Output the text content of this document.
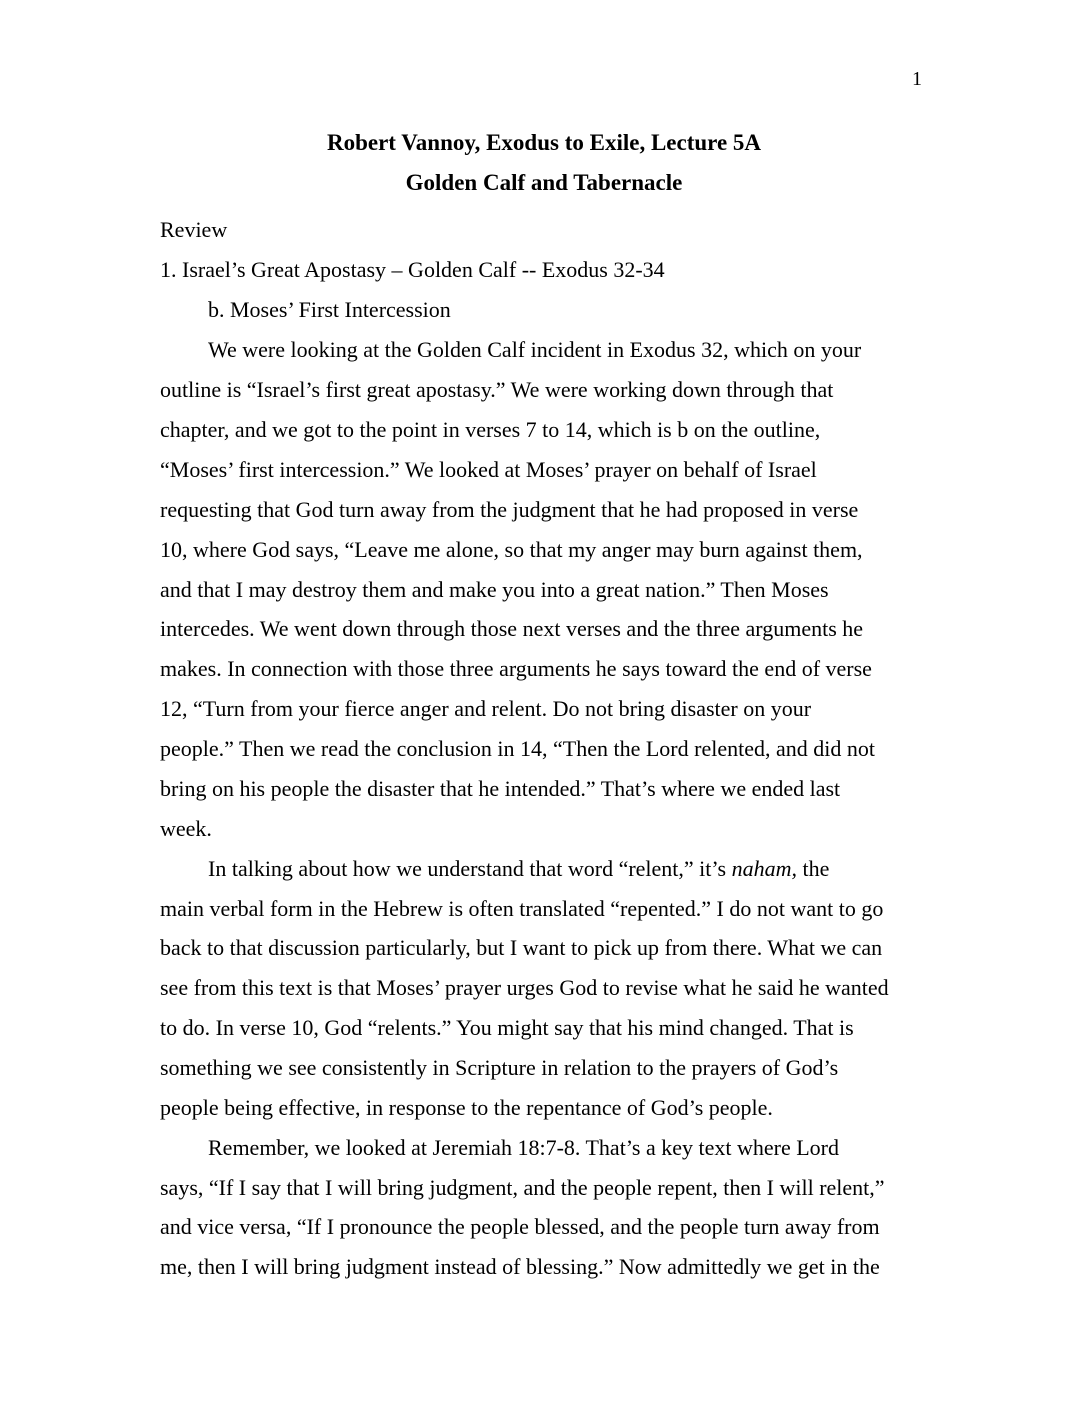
1
Robert Vannoy, Exodus to Exile, Lecture 5A
Golden Calf and Tabernacle
Review
1. Israel’s Great Apostasy – Golden Calf -- Exodus 32-34
b. Moses’ First Intercession
We were looking at the Golden Calf incident in Exodus 32, which on your
outline is “Israel’s first great apostasy.” We were working down through that
chapter, and we got to the point in verses 7 to 14, which is b on the outline,
“Moses’ first intercession.” We looked at Moses’ prayer on behalf of Israel
requesting that God turn away from the judgment that he had proposed in verse
10, where God says, “Leave me alone, so that my anger may burn against them,
and that I may destroy them and make you into a great nation.” Then Moses
intercedes. We went down through those next verses and the three arguments he
makes. In connection with those three arguments he says toward the end of verse
12, “Turn from your fierce anger and relent. Do not bring disaster on your
people.” Then we read the conclusion in 14, “Then the Lord relented, and did not
bring on his people the disaster that he intended.” That’s where we ended last
week.
In talking about how we understand that word “relent,” it’s naham, the
main verbal form in the Hebrew is often translated “repented.” I do not want to go
back to that discussion particularly, but I want to pick up from there. What we can
see from this text is that Moses’ prayer urges God to revise what he said he wanted
to do. In verse 10, God “relents.” You might say that his mind changed. That is
something we see consistently in Scripture in relation to the prayers of God’s
people being effective, in response to the repentance of God’s people.
Remember, we looked at Jeremiah 18:7-8. That’s a key text where Lord
says, “If I say that I will bring judgment, and the people repent, then I will relent,”
and vice versa, “If I pronounce the people blessed, and the people turn away from
me, then I will bring judgment instead of blessing.” Now admittedly we get in the
